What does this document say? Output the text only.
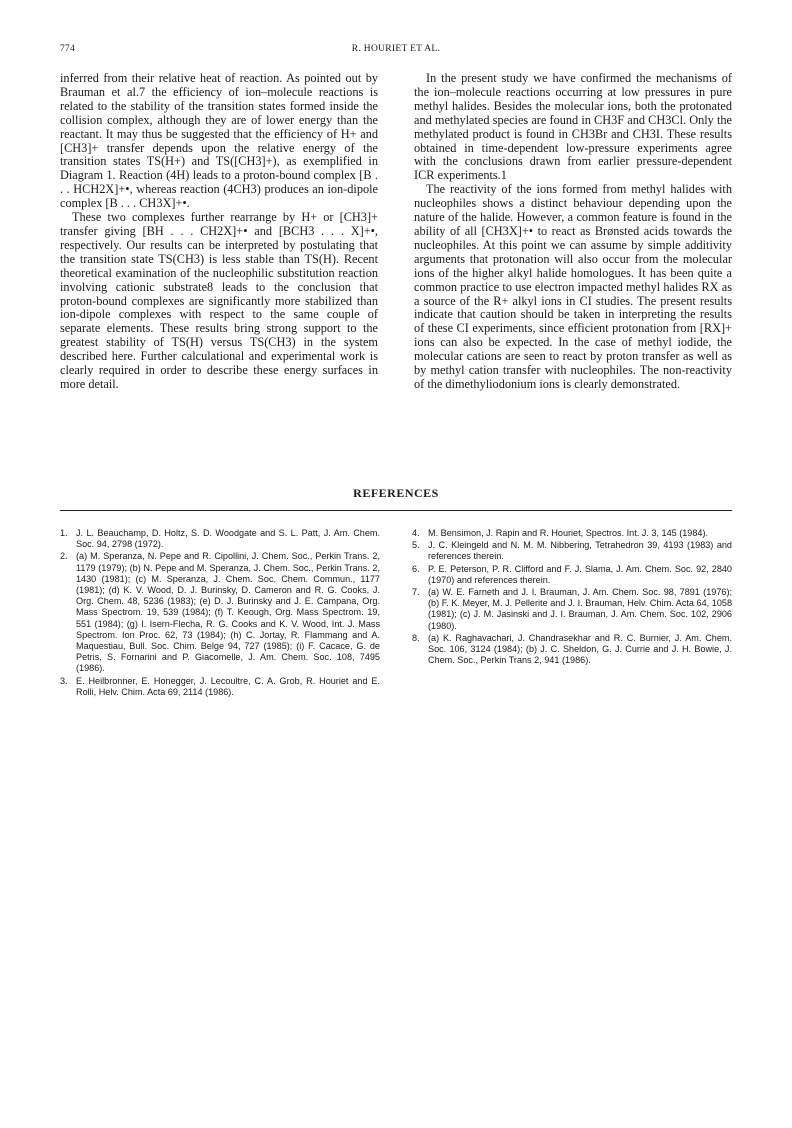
774	R. HOURIET ET AL.

inferred from their relative heat of reaction. As pointed out by Brauman et al.7 the efficiency of ion–molecule reactions is related to the stability of the transition states formed inside the collision complex, although they are of lower energy than the reactant. It may thus be suggested that the efficiency of H+ and [CH3]+ transfer depends upon the relative energy of the transition states TS(H+) and TS([CH3]+), as exemplified in Diagram 1. Reaction (4H) leads to a proton-bound complex [B . . . HCH2X]+•, whereas reaction (4CH3) produces an ion-dipole complex [B . . . CH3X]+•.

These two complexes further rearrange by H+ or [CH3]+ transfer giving [BH . . . CH2X]+• and [BCH3 . . . X]+•, respectively. Our results can be interpreted by postulating that the transition state TS(CH3) is less stable than TS(H). Recent theoretical examination of the nucleophilic substitution reaction involving cationic substrate8 leads to the conclusion that proton-bound complexes are significantly more stabilized than ion-dipole complexes with respect to the same couple of separate elements. These results bring strong support to the greatest stability of TS(H) versus TS(CH3) in the system described here. Further calculational and experimental work is clearly required in order to describe these energy surfaces in more detail.

In the present study we have confirmed the mechanisms of the ion–molecule reactions occurring at low pressures in pure methyl halides. Besides the molecular ions, both the protonated and methylated species are found in CH3F and CH3Cl. Only the methylated product is found in CH3Br and CH3I. These results obtained in time-dependent low-pressure experiments agree with the conclusions drawn from earlier pressure-dependent ICR experiments.1

The reactivity of the ions formed from methyl halides with nucleophiles shows a distinct behaviour depending upon the nature of the halide. However, a common feature is found in the ability of all [CH3X]+• to react as Brønsted acids towards the nucleophiles. At this point we can assume by simple additivity arguments that protonation will also occur from the molecular ions of the higher alkyl halide homologues. It has been quite a common practice to use electron impacted methyl halides RX as a source of the R+ alkyl ions in CI studies. The present results indicate that caution should be taken in interpreting the results of these CI experiments, since efficient protonation from [RX]+ ions can also be expected. In the case of methyl iodide, the molecular cations are seen to react by proton transfer as well as by methyl cation transfer with nucleophiles. The non-reactivity of the dimethyliodonium ions is clearly demonstrated.

REFERENCES
1. J. L. Beauchamp, D. Holtz, S. D. Woodgate and S. L. Patt, J. Am. Chem. Soc. 94, 2798 (1972).
2. (a) M. Speranza, N. Pepe and R. Cipollini, J. Chem. Soc., Perkin Trans. 2, 1179 (1979); (b) N. Pepe and M. Speranza, J. Chem. Soc., Perkin Trans. 2, 1430 (1981); (c) M. Speranza, J. Chem. Soc. Chem. Commun., 1177 (1981); (d) K. V. Wood, D. J. Burinsky, D. Cameron and R. G. Cooks, J. Org. Chem. 48, 5236 (1983); (e) D. J. Burinsky and J. E. Campana, Org. Mass Spectrom. 19, 539 (1984); (f) T. Keough, Org. Mass Spectrom. 19, 551 (1984); (g) I. Isern-Flecha, R. G. Cooks and K. V. Wood, Int. J. Mass Spectrom. Ion Proc. 62, 73 (1984); (h) C. Jortay, R. Flammang and A. Maquestiau, Bull. Soc. Chim. Belge 94, 727 (1985); (i) F. Cacace, G. de Petris, S. Fornarini and P. Giacomelle, J. Am. Chem. Soc. 108, 7495 (1986).
3. E. Heilbronner, E. Honegger, J. Lecoultre, C. A. Grob, R. Houriet and E. Rolli, Helv. Chim. Acta 69, 2114 (1986).
4. M. Bensimon, J. Rapin and R. Houriet, Spectros. Int. J. 3, 145 (1984).
5. J. C. Kleingeld and N. M. M. Nibbering, Tetrahedron 39, 4193 (1983) and references therein.
6. P. E. Peterson, P. R. Clifford and F. J. Slama, J. Am. Chem. Soc. 92, 2840 (1970) and references therein.
7. (a) W. E. Farneth and J. I. Brauman, J. Am. Chem. Soc. 98, 7891 (1976); (b) F. K. Meyer, M. J. Pellerite and J. I. Brauman, Helv. Chim. Acta 64, 1058 (1981); (c) J. M. Jasinski and J. I. Brauman, J. Am. Chem. Soc. 102, 2906 (1980).
8. (a) K. Raghavachari, J. Chandrasekhar and R. C. Burnier, J. Am. Chem. Soc. 106, 3124 (1984); (b) J. C. Sheldon, G. J. Currie and J. H. Bowie, J. Chem. Soc., Perkin Trans 2, 941 (1986).
